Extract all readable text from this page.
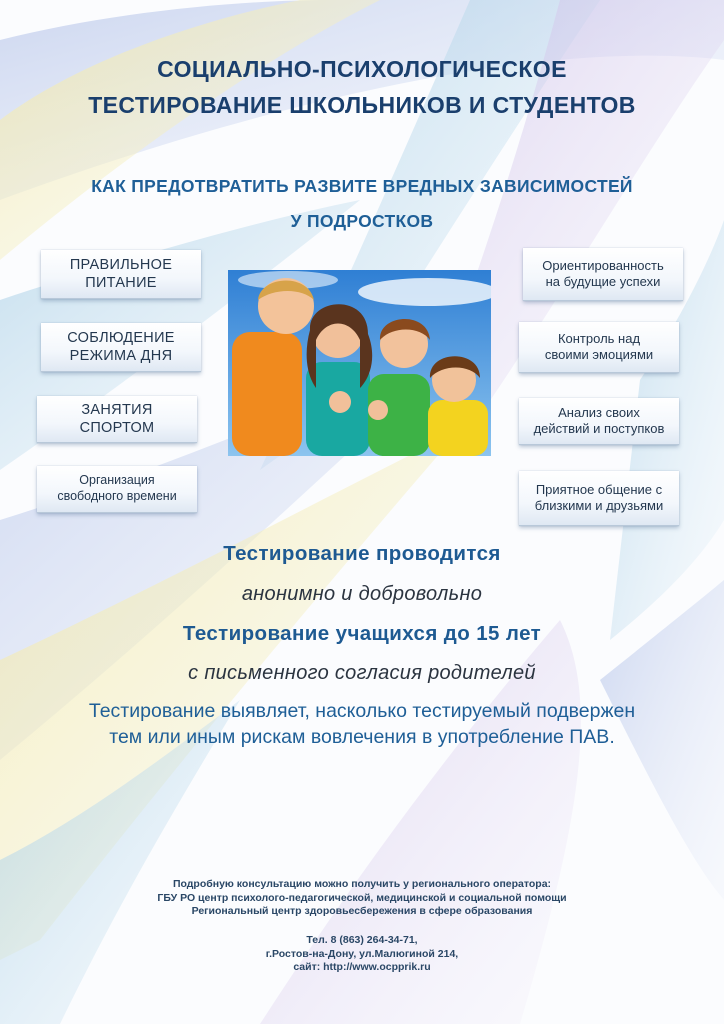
СОЦИАЛЬНО-ПСИХОЛОГИЧЕСКОЕ
ТЕСТИРОВАНИЕ ШКОЛЬНИКОВ И СТУДЕНТОВ
КАК ПРЕДОТВРАТИТЬ РАЗВИТЕ ВРЕДНЫХ ЗАВИСИМОСТЕЙ
У ПОДРОСТКОВ
ПРАВИЛЬНОЕ
ПИТАНИЕ
СОБЛЮДЕНИЕ
РЕЖИМА ДНЯ
ЗАНЯТИЯ
СПОРТОМ
Организация
свободного времени
Ориентированность
на будущие успехи
Контроль над
своими эмоциями
Анализ своих
действий и поступков
Приятное общение с
близкими и друзьями
Тестирование проводится
анонимно и добровольно
Тестирование учащихся до 15 лет
с письменного согласия родителей
Тестирование выявляет, насколько тестируемый подвержен
тем или иным рискам вовлечения в употребление ПАВ.
Подробную консультацию можно получить у регионального оператора:
ГБУ РО центр психолого-педагогической, медицинской и социальной помощи
Региональный центр здоровьесбережения в сфере образования
Тел. 8 (863) 264-34-71,
г.Ростов-на-Дону, ул.Малюгиной 214,
сайт: http://www.ocpprik.ru
